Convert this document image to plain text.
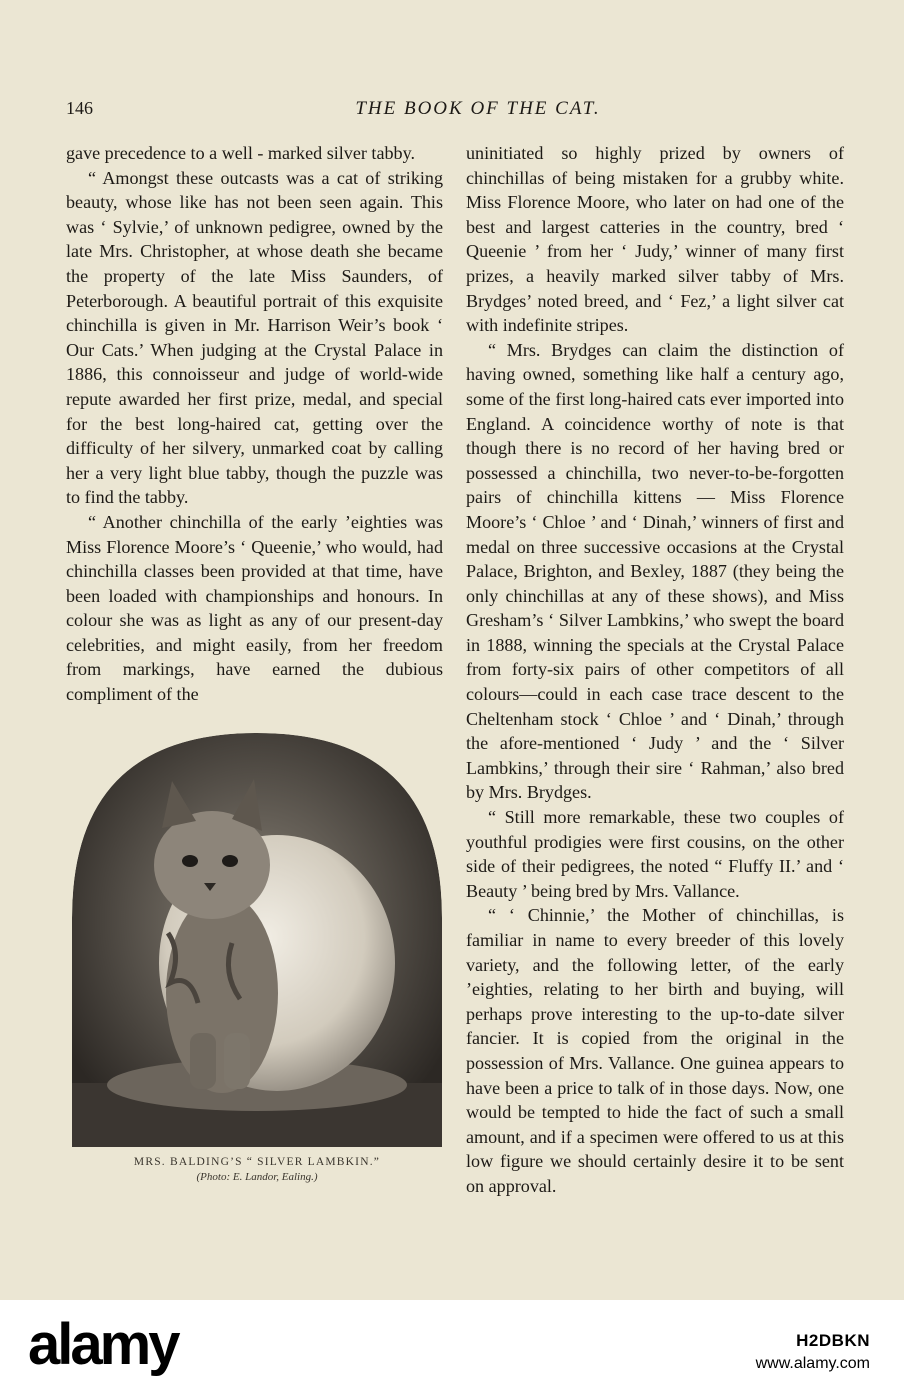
146	THE BOOK OF THE CAT.

gave precedence to a well - marked silver tabby.

“ Amongst these outcasts was a cat of striking beauty, whose like has not been seen again. This was ‘ Sylvie,’ of unknown pedigree, owned by the late Mrs. Christopher, at whose death she became the property of the late Miss Saunders, of Peterborough. A beautiful portrait of this exquisite chinchilla is given in Mr. Harrison Weir’s book ‘ Our Cats.’ When judging at the Crystal Palace in 1886, this connoisseur and judge of world-wide repute awarded her first prize, medal, and special for the best long-haired cat, getting over the difficulty of her silvery, unmarked coat by calling her a very light blue tabby, though the puzzle was to find the tabby.

“ Another chinchilla of the early ’eighties was Miss Florence Moore’s ‘ Queenie,’ who would, had chinchilla classes been provided at that time, have been loaded with championships and honours. In colour she was as light as any of our present-day celebrities, and might easily, from her freedom from markings, have earned the dubious compliment of the

MRS. BALDING’S “ SILVER LAMBKIN.”
(Photo: E. Landor, Ealing.)

uninitiated so highly prized by owners of chinchillas of being mistaken for a grubby white. Miss Florence Moore, who later on had one of the best and largest catteries in the country, bred ‘ Queenie ’ from her ‘ Judy,’ winner of many first prizes, a heavily marked silver tabby of Mrs. Brydges’ noted breed, and ‘ Fez,’ a light silver cat with indefinite stripes.

“ Mrs. Brydges can claim the distinction of having owned, something like half a century ago, some of the first long-haired cats ever imported into England. A coincidence worthy of note is that though there is no record of her having bred or possessed a chinchilla, two never-to-be-forgotten pairs of chinchilla kittens — Miss Florence Moore’s ‘ Chloe ’ and ‘ Dinah,’ winners of first and medal on three successive occasions at the Crystal Palace, Brighton, and Bexley, 1887 (they being the only chinchillas at any of these shows), and Miss Gresham’s ‘ Silver Lambkins,’ who swept the board in 1888, winning the specials at the Crystal Palace from forty-six pairs of other competitors of all colours—could in each case trace descent to the Cheltenham stock ‘ Chloe ’ and ‘ Dinah,’ through the afore-mentioned ‘ Judy ’ and the ‘ Silver Lambkins,’ through their sire ‘ Rahman,’ also bred by Mrs. Brydges.

“ Still more remarkable, these two couples of youthful prodigies were first cousins, on the other side of their pedigrees, the noted “ Fluffy II.’ and ‘ Beauty ’ being bred by Mrs. Vallance.

“ ‘ Chinnie,’ the Mother of chinchillas, is familiar in name to every breeder of this lovely variety, and the following letter, of the early ’eighties, relating to her birth and buying, will perhaps prove interesting to the up-to-date silver fancier. It is copied from the original in the possession of Mrs. Vallance. One guinea appears to have been a price to talk of in those days. Now, one would be tempted to hide the fact of such a small amount, and if a specimen were offered to us at this low figure we should certainly desire it to be sent on approval.

alamy	H2DBKN
www.alamy.com
